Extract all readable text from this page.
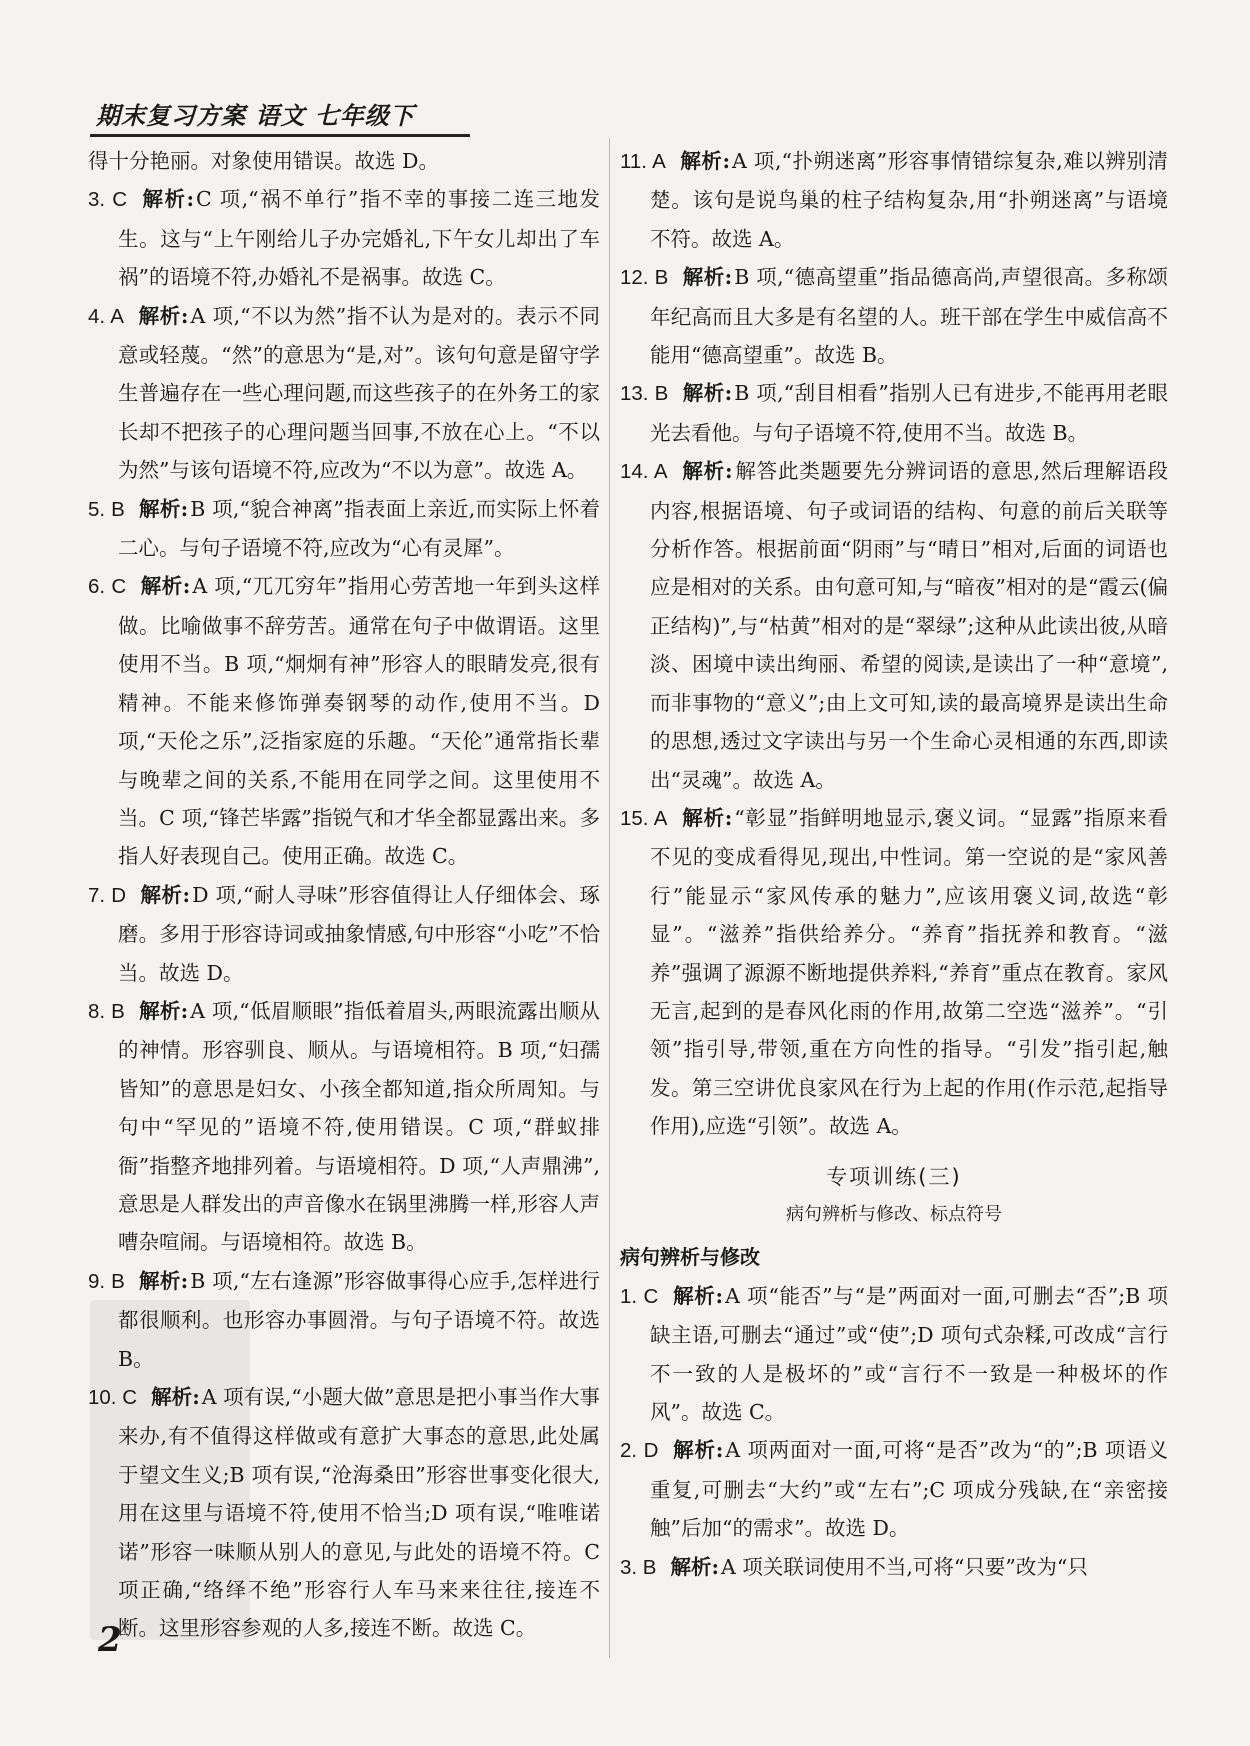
期末复习方案 语文 七年级下
得十分艳丽。对象使用错误。故选 D。
3. C 解析:C 项,“祸不单行”指不幸的事接二连三地发生。这与“上午刚给儿子办完婚礼,下午女儿却出了车祸”的语境不符,办婚礼不是祸事。故选 C。
4. A 解析:A 项,“不以为然”指不认为是对的。表示不同意或轻蔑。“然”的意思为“是,对”。该句句意是留守学生普遍存在一些心理问题,而这些孩子的在外务工的家长却不把孩子的心理问题当回事,不放在心上。“不以为然”与该句语境不符,应改为“不以为意”。故选 A。
5. B 解析:B 项,“貌合神离”指表面上亲近,而实际上怀着二心。与句子语境不符,应改为“心有灵犀”。
6. C 解析:A 项,“兀兀穷年”指用心劳苦地一年到头这样做。比喻做事不辞劳苦。通常在句子中做谓语。这里使用不当。B 项,“炯炯有神”形容人的眼睛发亮,很有精神。不能来修饰弹奏钢琴的动作,使用不当。D 项,“天伦之乐”,泛指家庭的乐趣。“天伦”通常指长辈与晚辈之间的关系,不能用在同学之间。这里使用不当。C 项,“锋芒毕露”指锐气和才华全都显露出来。多指人好表现自己。使用正确。故选 C。
7. D 解析:D 项,“耐人寻味”形容值得让人仔细体会、琢磨。多用于形容诗词或抽象情感,句中形容“小吃”不恰当。故选 D。
8. B 解析:A 项,“低眉顺眼”指低着眉头,两眼流露出顺从的神情。形容驯良、顺从。与语境相符。B 项,“妇孺皆知”的意思是妇女、小孩全都知道,指众所周知。与句中“罕见的”语境不符,使用错误。C 项,“群蚁排衙”指整齐地排列着。与语境相符。D 项,“人声鼎沸”,意思是人群发出的声音像水在锅里沸腾一样,形容人声嘈杂喧闹。与语境相符。故选 B。
9. B 解析:B 项,“左右逢源”形容做事得心应手,怎样进行都很顺利。也形容办事圆滑。与句子语境不符。故选 B。
10. C 解析:A 项有误,“小题大做”意思是把小事当作大事来办,有不值得这样做或有意扩大事态的意思,此处属于望文生义;B 项有误,“沧海桑田”形容世事变化很大,用在这里与语境不符,使用不恰当;D 项有误,“唯唯诺诺”形容一味顺从别人的意见,与此处的语境不符。C 项正确,“络绎不绝”形容行人车马来来往往,接连不断。这里形容参观的人多,接连不断。故选 C。
11. A 解析:A 项,“扑朔迷离”形容事情错综复杂,难以辨别清楚。该句是说鸟巢的柱子结构复杂,用“扑朔迷离”与语境不符。故选 A。
12. B 解析:B 项,“德高望重”指品德高尚,声望很高。多称颂年纪高而且大多是有名望的人。班干部在学生中威信高不能用“德高望重”。故选 B。
13. B 解析:B 项,“刮目相看”指别人已有进步,不能再用老眼光去看他。与句子语境不符,使用不当。故选 B。
14. A 解析:解答此类题要先分辨词语的意思,然后理解语段内容,根据语境、句子或词语的结构、句意的前后关联等分析作答。根据前面“阴雨”与“晴日”相对,后面的词语也应是相对的关系。由句意可知,与“暗夜”相对的是“霞云(偏正结构)”,与“枯黄”相对的是“翠绿”;这种从此读出彼,从暗淡、困境中读出绚丽、希望的阅读,是读出了一种“意境”,而非事物的“意义”;由上文可知,读的最高境界是读出生命的思想,透过文字读出与另一个生命心灵相通的东西,即读出“灵魂”。故选 A。
15. A 解析:“彰显”指鲜明地显示,褒义词。“显露”指原来看不见的变成看得见,现出,中性词。第一空说的是“家风善行”能显示“家风传承的魅力”,应该用褒义词,故选“彰显”。“滋养”指供给养分。“养育”指抚养和教育。“滋养”强调了源源不断地提供养料,“养育”重点在教育。家风无言,起到的是春风化雨的作用,故第二空选“滋养”。“引领”指引导,带领,重在方向性的指导。“引发”指引起,触发。第三空讲优良家风在行为上起的作用(作示范,起指导作用),应选“引领”。故选 A。
专项训练(三)
病句辨析与修改、标点符号
病句辨析与修改
1. C 解析:A 项“能否”与“是”两面对一面,可删去“否”;B 项缺主语,可删去“通过”或“使”;D 项句式杂糅,可改成“言行不一致的人是极坏的”或“言行不一致是一种极坏的作风”。故选 C。
2. D 解析:A 项两面对一面,可将“是否”改为“的”;B 项语义重复,可删去“大约”或“左右”;C 项成分残缺,在“亲密接触”后加“的需求”。故选 D。
3. B 解析:A 项关联词使用不当,可将“只要”改为“只
2
